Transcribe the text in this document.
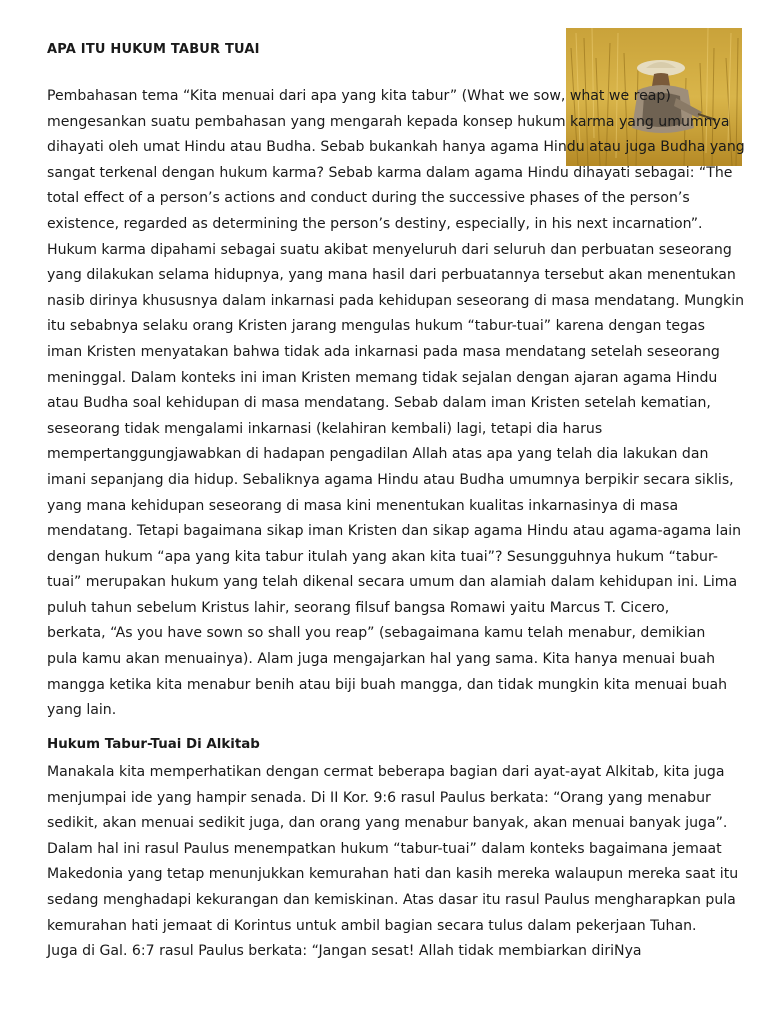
APA ITU HUKUM TABUR TUAI
Pembahasan tema “Kita menuai dari apa yang kita tabur” (What we sow, what we reap)
mengesankan suatu pembahasan yang mengarah kepada konsep hukum karma yang umumnya
dihayati oleh umat Hindu atau Budha. Sebab bukankah hanya agama Hindu atau juga Budha yang
sangat terkenal dengan hukum karma? Sebab karma dalam agama Hindu dihayati sebagai: “The
total effect of a person’s actions and conduct during the successive phases of the person’s
existence, regarded as determining the person’s destiny, especially, in his next incarnation”.
Hukum karma dipahami sebagai suatu akibat menyeluruh dari seluruh dan perbuatan seseorang
yang dilakukan selama hidupnya, yang mana hasil dari perbuatannya tersebut akan menentukan
nasib dirinya khususnya dalam inkarnasi pada kehidupan seseorang di masa mendatang. Mungkin
itu sebabnya selaku orang Kristen jarang mengulas hukum “tabur-tuai” karena dengan tegas
iman Kristen menyatakan bahwa tidak ada inkarnasi pada masa mendatang setelah seseorang
meninggal. Dalam konteks ini iman Kristen memang tidak sejalan dengan ajaran agama Hindu
atau Budha soal kehidupan di masa mendatang. Sebab dalam iman Kristen setelah kematian,
seseorang tidak mengalami inkarnasi (kelahiran kembali) lagi, tetapi dia harus
mempertanggungjawabkan di hadapan pengadilan Allah atas apa yang telah dia lakukan dan
imani sepanjang dia hidup. Sebaliknya agama Hindu atau Budha umumnya berpikir secara siklis,
yang mana kehidupan seseorang di masa kini menentukan kualitas inkarnasinya di masa
mendatang. Tetapi bagaimana sikap iman Kristen dan sikap agama Hindu atau agama-agama lain
dengan hukum “apa yang kita tabur itulah yang akan kita tuai”? Sesungguhnya hukum “tabur-
tuai” merupakan hukum yang telah dikenal secara umum dan alamiah dalam kehidupan ini. Lima
puluh tahun sebelum Kristus lahir, seorang filsuf bangsa Romawi yaitu Marcus T. Cicero,
berkata, “As you have sown so shall you reap” (sebagaimana kamu telah menabur, demikian
pula kamu akan menuainya). Alam juga mengajarkan hal yang sama. Kita hanya menuai buah
mangga ketika kita menabur benih atau biji buah mangga, dan tidak mungkin kita menuai buah
yang lain.
Hukum Tabur-Tuai Di Alkitab
Manakala kita memperhatikan dengan cermat beberapa bagian dari ayat-ayat Alkitab, kita juga
menjumpai ide yang hampir senada. Di II Kor. 9:6 rasul Paulus berkata: “Orang yang menabur
sedikit, akan menuai sedikit juga, dan orang yang menabur banyak, akan menuai banyak juga”.
Dalam hal ini rasul Paulus menempatkan hukum “tabur-tuai” dalam konteks bagaimana jemaat
Makedonia yang tetap menunjukkan kemurahan hati dan kasih mereka walaupun mereka saat itu
sedang menghadapi kekurangan dan kemiskinan. Atas dasar itu rasul Paulus mengharapkan pula
kemurahan hati jemaat di Korintus untuk ambil bagian secara tulus dalam pekerjaan Tuhan.
Juga di Gal. 6:7 rasul Paulus berkata: “Jangan sesat! Allah tidak membiarkan diriNya
